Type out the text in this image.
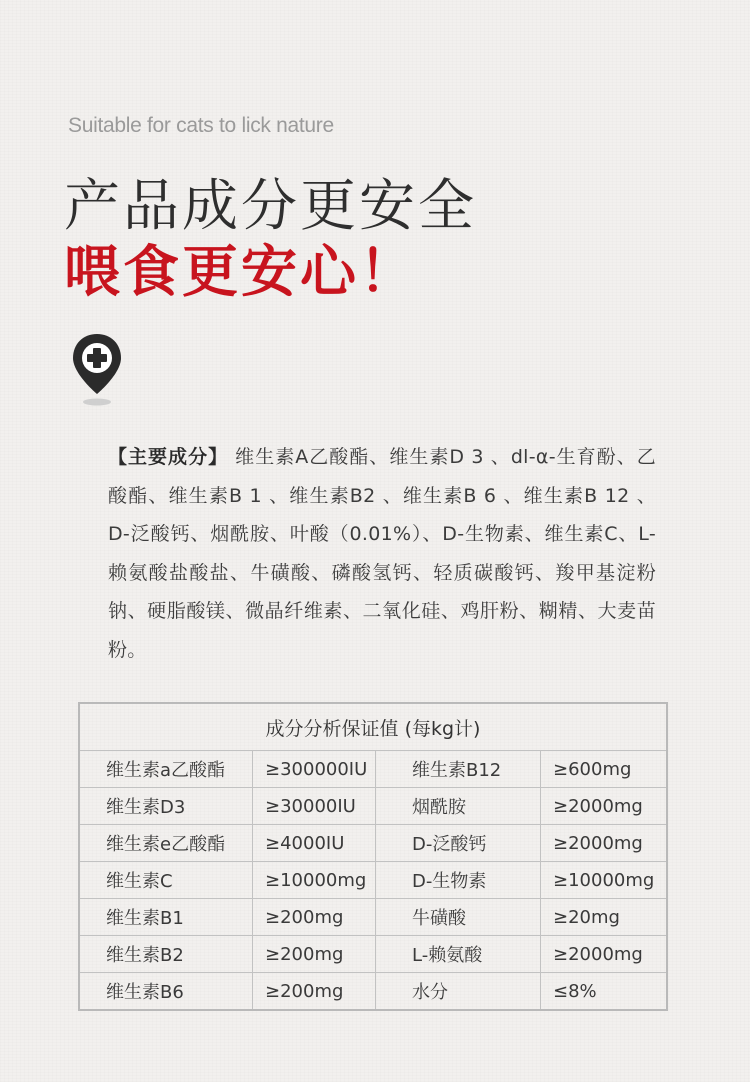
Suitable for cats to lick nature
产品成分更安全
喂食更安心！
【主要成分】 维生素A乙酸酯、维生素D 3 、dl-α-生育酚、乙酸酯、维生素B 1 、维生素B2 、维生素B 6 、维生素B 12 、D-泛酸钙、烟酰胺、叶酸（0.01%）、D-生物素、维生素C、L-赖氨酸盐酸盐、牛磺酸、磷酸氢钙、轻质碳酸钙、羧甲基淀粉钠、硬脂酸镁、微晶纤维素、二氧化硅、鸡肝粉、糊精、大麦苗粉。
成分分析保证值 (每kg计)			
维生素a乙酸酯	≥300000IU	维生素B12	≥600mg
维生素D3	≥30000IU	烟酰胺	≥2000mg
维生素e乙酸酯	≥4000IU	D-泛酸钙	≥2000mg
维生素C	≥10000mg	D-生物素	≥10000mg
维生素B1	≥200mg	牛磺酸	≥20mg
维生素B2	≥200mg	L-赖氨酸	≥2000mg
维生素B6	≥200mg	水分	≤8%
